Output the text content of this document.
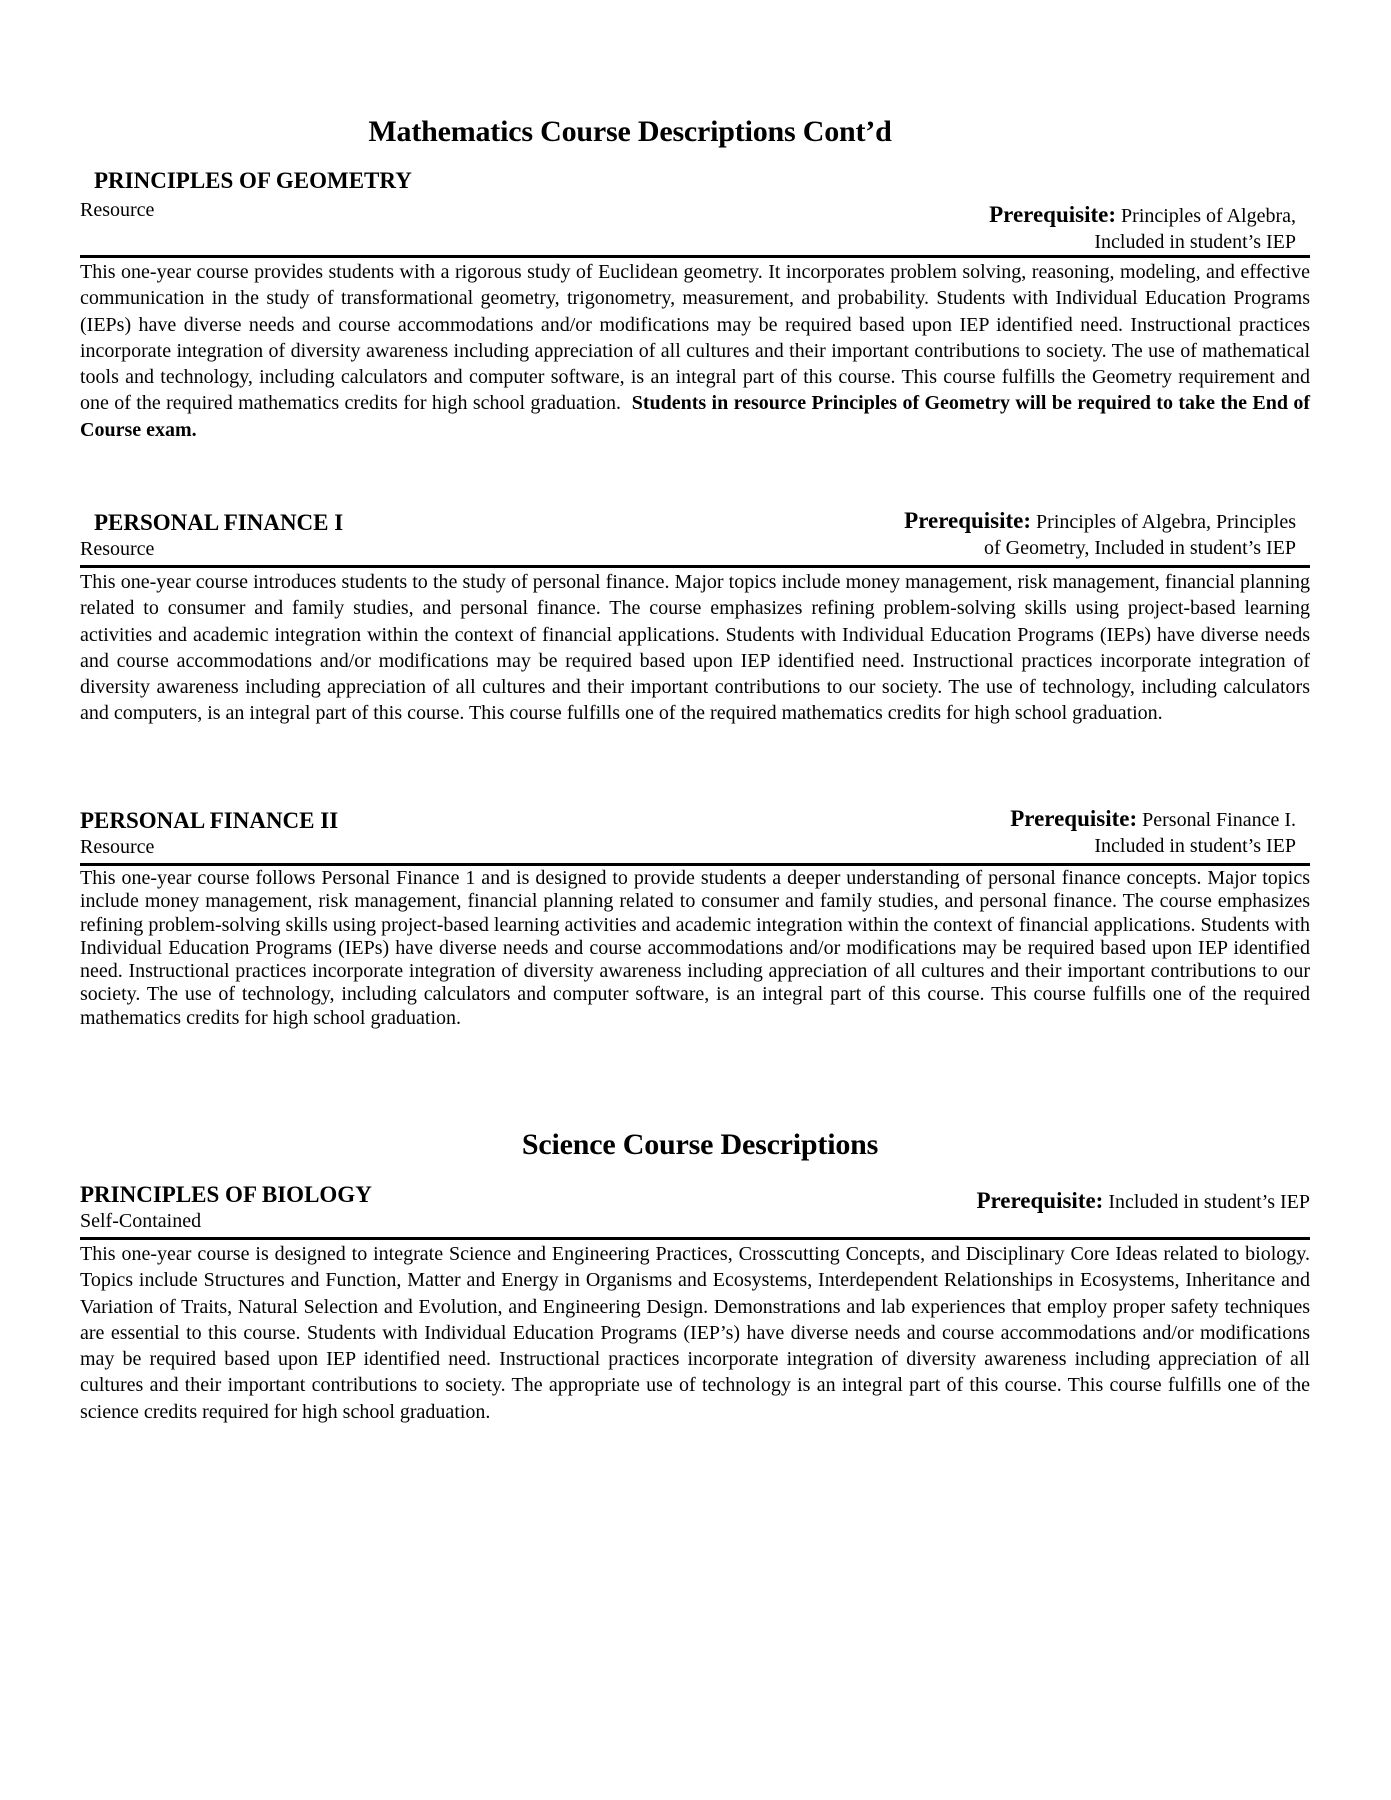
Mathematics Course Descriptions Cont’d
PRINCIPLES OF GEOMETRY
Resource	Prerequisite: Principles of Algebra,
Included in student’s IEP
This one-year course provides students with a rigorous study of Euclidean geometry. It incorporates problem solving, reasoning, modeling, and effective communication in the study of transformational geometry, trigonometry, measurement, and probability. Students with Individual Education Programs (IEPs) have diverse needs and course accommodations and/or modifications may be required based upon IEP identified need. Instructional practices incorporate integration of diversity awareness including appreciation of all cultures and their important contributions to society. The use of mathematical tools and technology, including calculators and computer software, is an integral part of this course. This course fulfills the Geometry requirement and one of the required mathematics credits for high school graduation. Students in resource Principles of Geometry will be required to take the End of Course exam.
PERSONAL FINANCE I
Resource
Prerequisite: Principles of Algebra, Principles
of Geometry, Included in student’s IEP
This one-year course introduces students to the study of personal finance. Major topics include money management, risk management, financial planning related to consumer and family studies, and personal finance. The course emphasizes refining problem-solving skills using project-based learning activities and academic integration within the context of financial applications. Students with Individual Education Programs (IEPs) have diverse needs and course accommodations and/or modifications may be required based upon IEP identified need. Instructional practices incorporate integration of diversity awareness including appreciation of all cultures and their important contributions to our society. The use of technology, including calculators and computers, is an integral part of this course. This course fulfills one of the required mathematics credits for high school graduation.
PERSONAL FINANCE II
Resource
Prerequisite: Personal Finance I.
Included in student’s IEP
This one-year course follows Personal Finance 1 and is designed to provide students a deeper understanding of personal finance concepts. Major topics include money management, risk management, financial planning related to consumer and family studies, and personal finance. The course emphasizes refining problem-solving skills using project-based learning activities and academic integration within the context of financial applications. Students with Individual Education Programs (IEPs) have diverse needs and course accommodations and/or modifications may be required based upon IEP identified need. Instructional practices incorporate integration of diversity awareness including appreciation of all cultures and their important contributions to our society. The use of technology, including calculators and computer software, is an integral part of this course. This course fulfills one of the required mathematics credits for high school graduation.
Science Course Descriptions
PRINCIPLES OF BIOLOGY
Self-Contained
Prerequisite: Included in student’s IEP
This one-year course is designed to integrate Science and Engineering Practices, Crosscutting Concepts, and Disciplinary Core Ideas related to biology. Topics include Structures and Function, Matter and Energy in Organisms and Ecosystems, Interdependent Relationships in Ecosystems, Inheritance and Variation of Traits, Natural Selection and Evolution, and Engineering Design. Demonstrations and lab experiences that employ proper safety techniques are essential to this course. Students with Individual Education Programs (IEP’s) have diverse needs and course accommodations and/or modifications may be required based upon IEP identified need. Instructional practices incorporate integration of diversity awareness including appreciation of all cultures and their important contributions to society. The appropriate use of technology is an integral part of this course. This course fulfills one of the science credits required for high school graduation.
